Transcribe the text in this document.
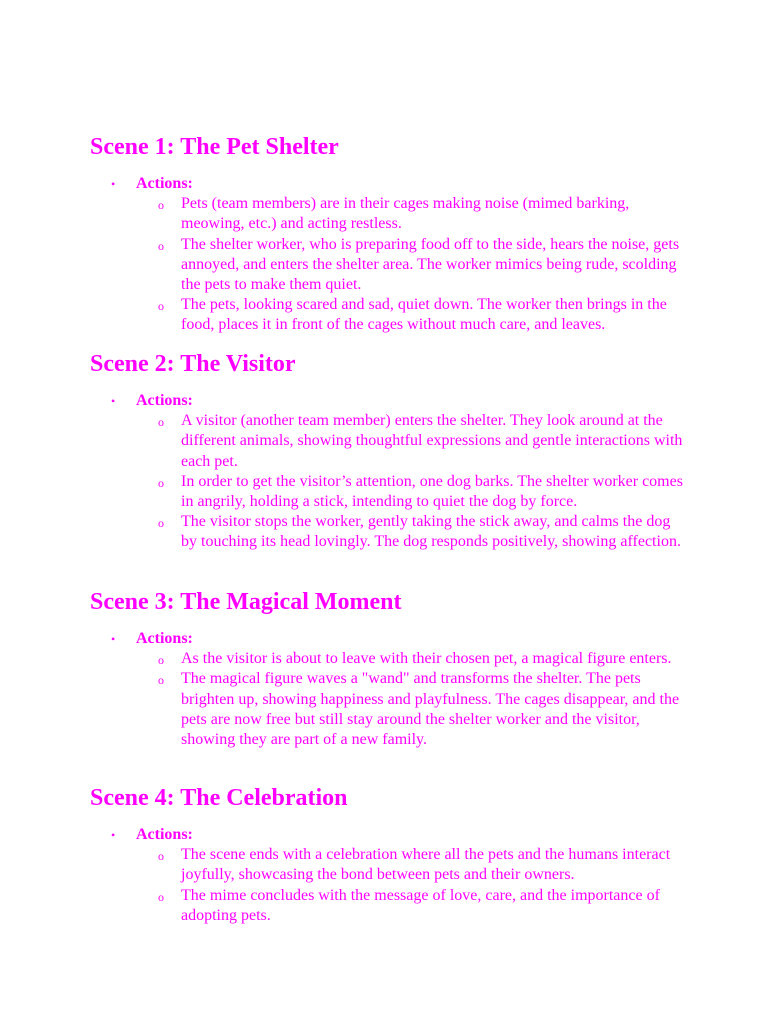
Scene 1: The Pet Shelter
• Actions:
o Pets (team members) are in their cages making noise (mimed barking, meowing, etc.) and acting restless.
o The shelter worker, who is preparing food off to the side, hears the noise, gets annoyed, and enters the shelter area. The worker mimics being rude, scolding the pets to make them quiet.
o The pets, looking scared and sad, quiet down. The worker then brings in the food, places it in front of the cages without much care, and leaves.
Scene 2: The Visitor
• Actions:
o A visitor (another team member) enters the shelter. They look around at the different animals, showing thoughtful expressions and gentle interactions with each pet.
o In order to get the visitor’s attention, one dog barks. The shelter worker comes in angrily, holding a stick, intending to quiet the dog by force.
o The visitor stops the worker, gently taking the stick away, and calms the dog by touching its head lovingly. The dog responds positively, showing affection.
Scene 3: The Magical Moment
• Actions:
o As the visitor is about to leave with their chosen pet, a magical figure enters.
o The magical figure waves a "wand" and transforms the shelter. The pets brighten up, showing happiness and playfulness. The cages disappear, and the pets are now free but still stay around the shelter worker and the visitor, showing they are part of a new family.
Scene 4: The Celebration
• Actions:
o The scene ends with a celebration where all the pets and the humans interact joyfully, showcasing the bond between pets and their owners.
o The mime concludes with the message of love, care, and the importance of adopting pets.
